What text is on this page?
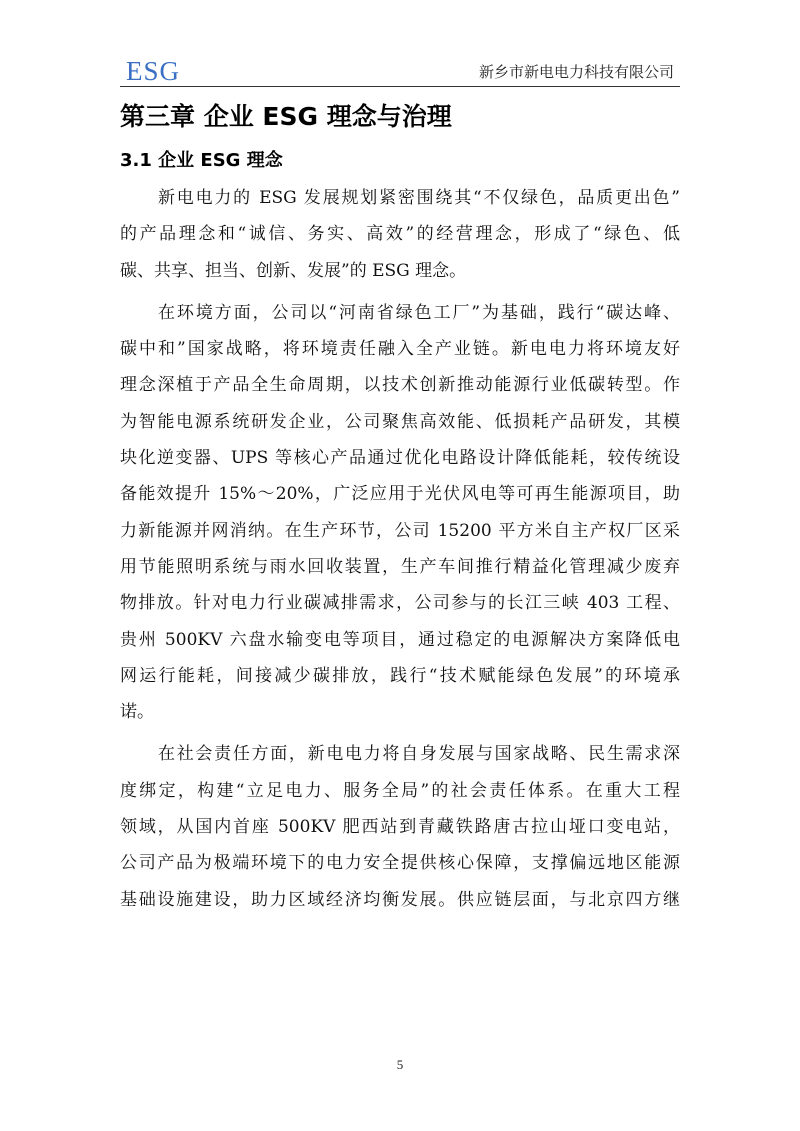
ESG	新乡市新电电力科技有限公司
第三章 企业 ESG 理念与治理
3.1 企业 ESG 理念

新电电力的 ESG 发展规划紧密围绕其“不仅绿色，品质更出色”
的产品理念和“诚信、务实、高效”的经营理念，形成了“绿色、低
碳、共享、担当、创新、发展”的 ESG 理念。

在环境方面，公司以“河南省绿色工厂”为基础，践行“碳达峰、
碳中和”国家战略，将环境责任融入全产业链。新电电力将环境友好
理念深植于产品全生命周期，以技术创新推动能源行业低碳转型。作
为智能电源系统研发企业，公司聚焦高效能、低损耗产品研发，其模
块化逆变器、UPS 等核心产品通过优化电路设计降低能耗，较传统设
备能效提升 15%～20%，广泛应用于光伏风电等可再生能源项目，助
力新能源并网消纳。在生产环节，公司 15200 平方米自主产权厂区采
用节能照明系统与雨水回收装置，生产车间推行精益化管理减少废弃
物排放。针对电力行业碳减排需求，公司参与的长江三峡 403 工程、
贵州 500KV 六盘水输变电等项目，通过稳定的电源解决方案降低电
网运行能耗，间接减少碳排放，践行“技术赋能绿色发展”的环境承
诺。

在社会责任方面，新电电力将自身发展与国家战略、民生需求深
度绑定，构建“立足电力、服务全局”的社会责任体系。在重大工程
领域，从国内首座 500KV 肥西站到青藏铁路唐古拉山垭口变电站，
公司产品为极端环境下的电力安全提供核心保障，支撑偏远地区能源
基础设施建设，助力区域经济均衡发展。供应链层面，与北京四方继

5
